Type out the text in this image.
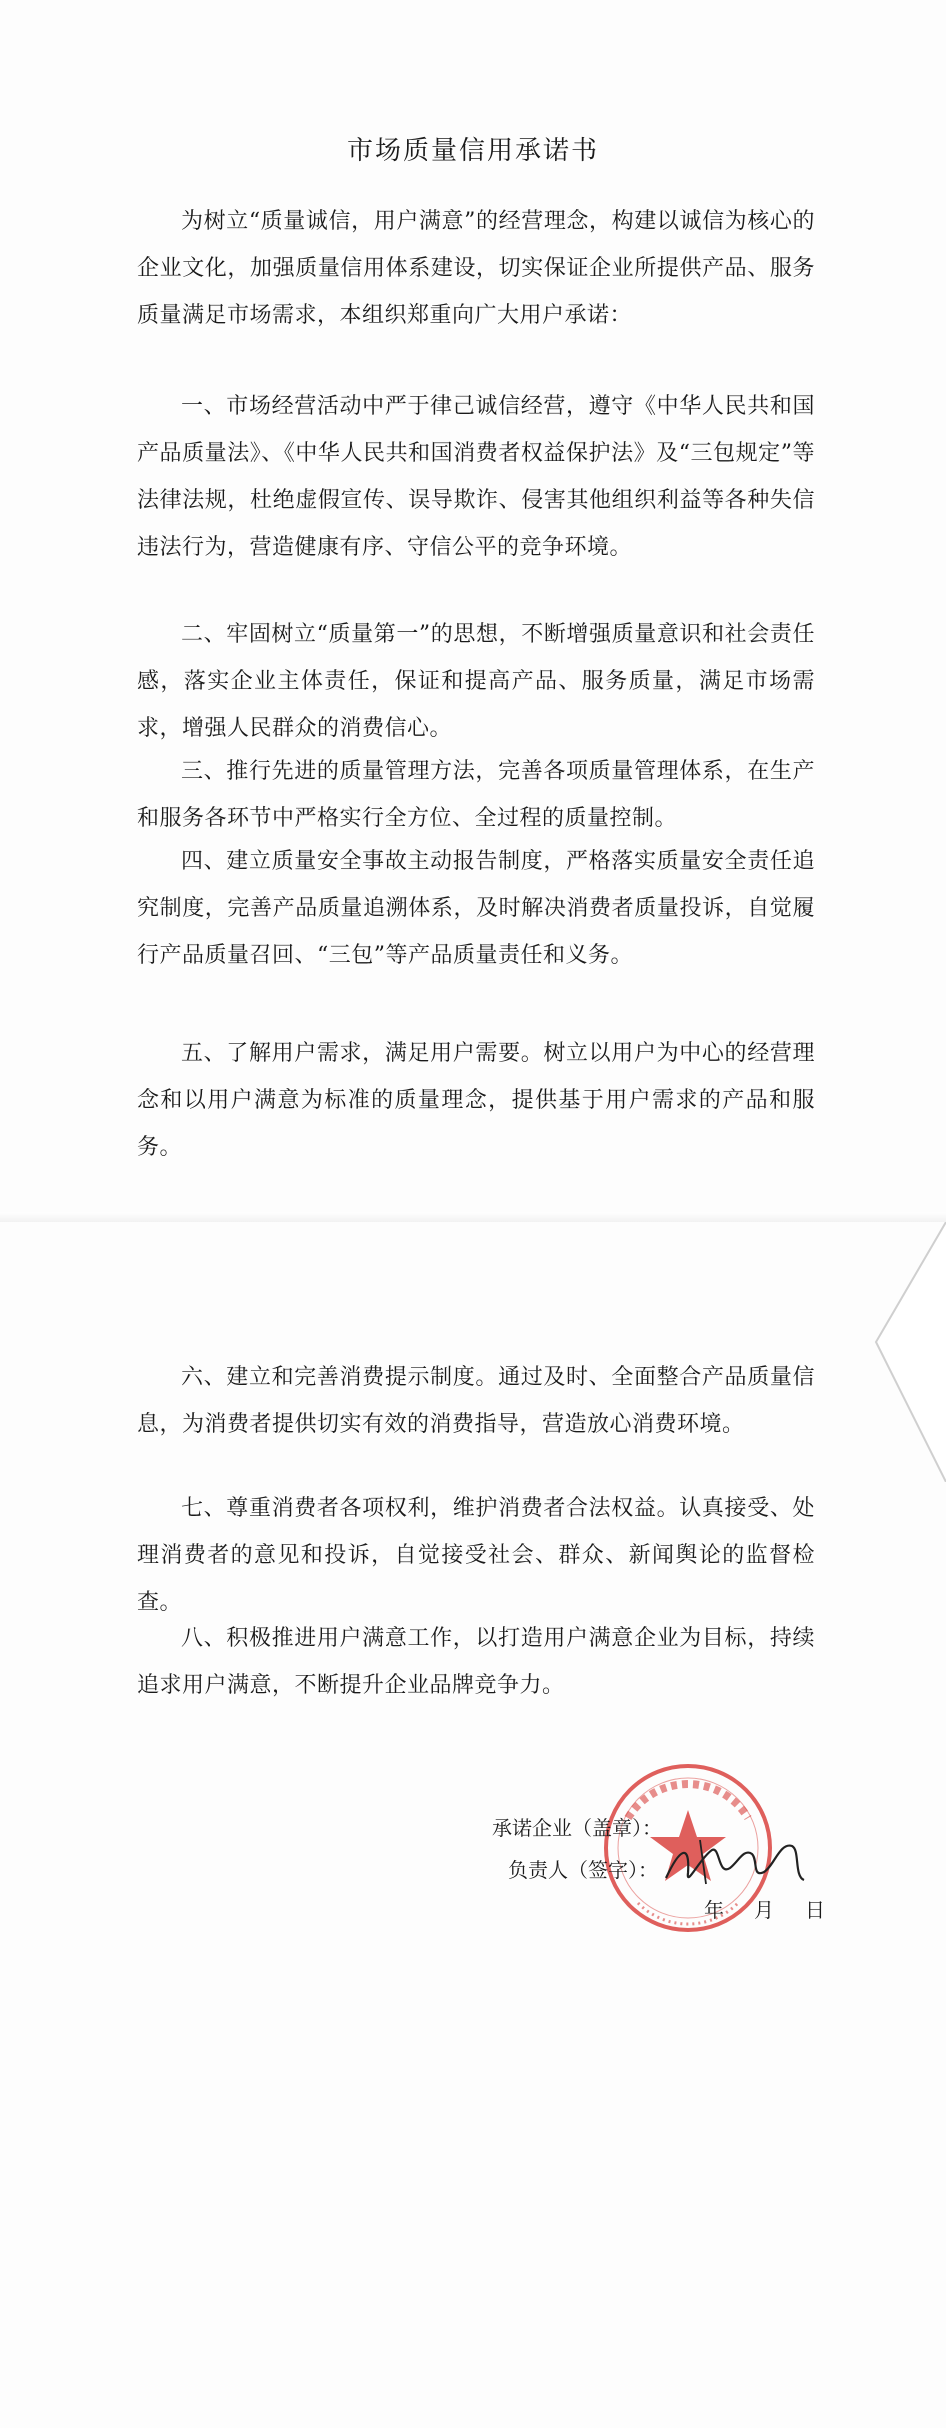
市场质量信用承诺书

为树立“质量诚信，用户满意”的经营理念，构建以诚信为核心的企业文化，加强质量信用体系建设，切实保证企业所提供产品、服务质量满足市场需求，本组织郑重向广大用户承诺：

一、市场经营活动中严于律己诚信经营，遵守《中华人民共和国产品质量法》、《中华人民共和国消费者权益保护法》及“三包规定”等法律法规，杜绝虚假宣传、误导欺诈、侵害其他组织利益等各种失信违法行为，营造健康有序、守信公平的竞争环境。

二、牢固树立“质量第一”的思想，不断增强质量意识和社会责任感，落实企业主体责任，保证和提高产品、服务质量，满足市场需求，增强人民群众的消费信心。

三、推行先进的质量管理方法，完善各项质量管理体系，在生产和服务各环节中严格实行全方位、全过程的质量控制。

四、建立质量安全事故主动报告制度，严格落实质量安全责任追究制度，完善产品质量追溯体系，及时解决消费者质量投诉，自觉履行产品质量召回、“三包”等产品质量责任和义务。

五、了解用户需求，满足用户需要。树立以用户为中心的经营理念和以用户满意为标准的质量理念，提供基于用户需求的产品和服务。

六、建立和完善消费提示制度。通过及时、全面整合产品质量信息，为消费者提供切实有效的消费指导，营造放心消费环境。

七、尊重消费者各项权利，维护消费者合法权益。认真接受、处理消费者的意见和投诉，自觉接受社会、群众、新闻舆论的监督检查。

八、积极推进用户满意工作，以打造用户满意企业为目标，持续追求用户满意，不断提升企业品牌竞争力。

承诺企业（盖章）：
负责人（签字）：
年 月 日
